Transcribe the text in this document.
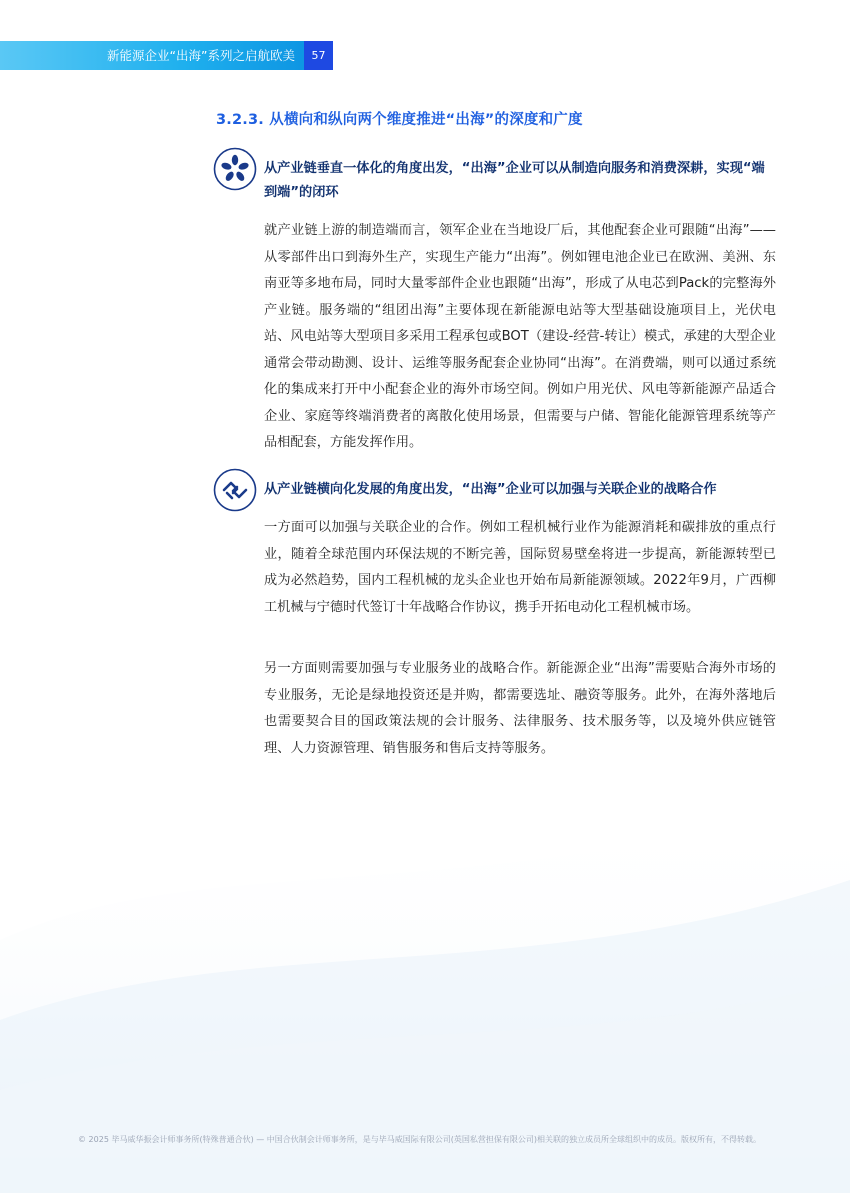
新能源企业“出海”系列之启航欧美	57
3.2.3. 从横向和纵向两个维度推进“出海”的深度和广度
从产业链垂直一体化的角度出发，“出海”企业可以从制造向服务和消费深耕，实现“端到端”的闭环

就产业链上游的制造端而言，领军企业在当地设厂后，其他配套企业可跟随“出海”——从零部件出口到海外生产，实现生产能力“出海”。例如锂电池企业已在欧洲、美洲、东南亚等多地布局，同时大量零部件企业也跟随“出海”，形成了从电芯到Pack的完整海外产业链。服务端的“组团出海”主要体现在新能源电站等大型基础设施项目上，光伏电站、风电站等大型项目多采用工程承包或BOT（建设-经营-转让）模式，承建的大型企业通常会带动勘测、设计、运维等服务配套企业协同“出海”。在消费端，则可以通过系统化的集成来打开中小配套企业的海外市场空间。例如户用光伏、风电等新能源产品适合企业、家庭等终端消费者的离散化使用场景，但需要与户储、智能化能源管理系统等产品相配套，方能发挥作用。

从产业链横向化发展的角度出发，“出海”企业可以加强与关联企业的战略合作

一方面可以加强与关联企业的合作。例如工程机械行业作为能源消耗和碳排放的重点行业，随着全球范围内环保法规的不断完善，国际贸易壁垒将进一步提高，新能源转型已成为必然趋势，国内工程机械的龙头企业也开始布局新能源领域。2022年9月，广西柳工机械与宁德时代签订十年战略合作协议，携手开拓电动化工程机械市场。

另一方面则需要加强与专业服务业的战略合作。新能源企业“出海”需要贴合海外市场的专业服务，无论是绿地投资还是并购，都需要选址、融资等服务。此外，在海外落地后也需要契合目的国政策法规的会计服务、法律服务、技术服务等，以及境外供应链管理、人力资源管理、销售服务和售后支持等服务。

© 2025 毕马威华振会计师事务所(特殊普通合伙) — 中国合伙制会计师事务所，是与毕马威国际有限公司(英国私营担保有限公司)相关联的独立成员所全球组织中的成员。版权所有，不得转载。
